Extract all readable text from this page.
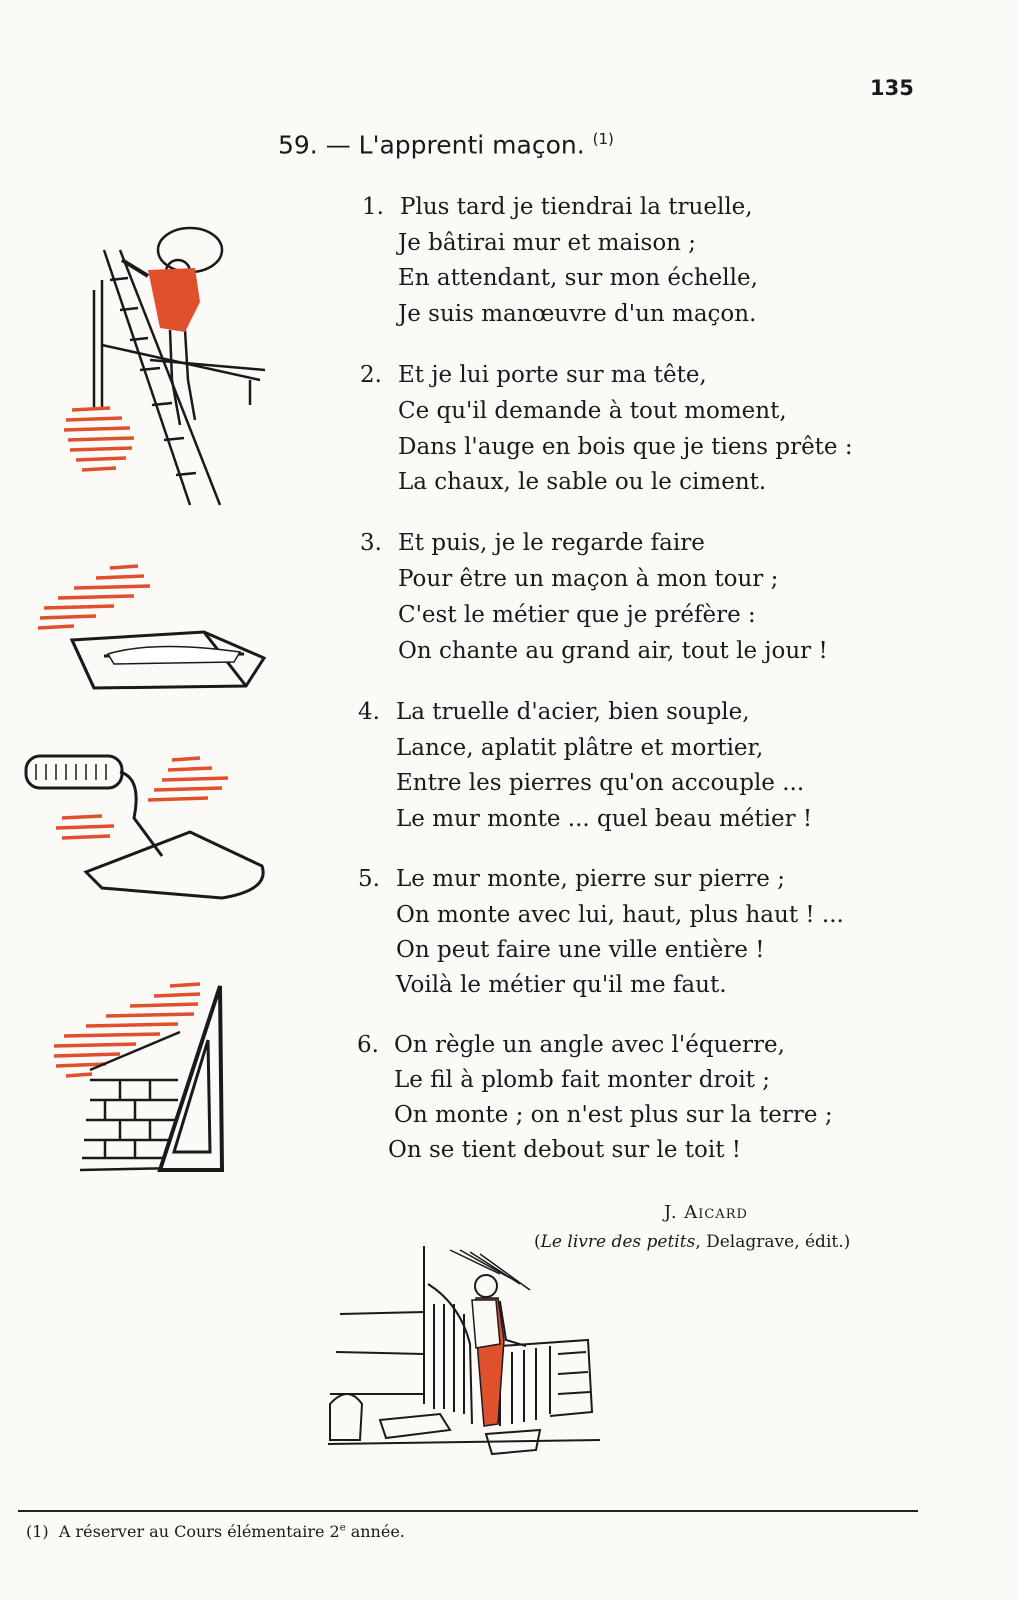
135
59. — L'apprenti maçon. $^{(1)}$
1. Plus tard je tiendrai la truelle,
Je bâtirai mur et maison ;
En attendant, sur mon échelle,
Je suis manœuvre d'un maçon.
2. Et je lui porte sur ma tête,
Ce qu'il demande à tout moment,
Dans l'auge en bois que je tiens prête :
La chaux, le sable ou le ciment.
3. Et puis, je le regarde faire
Pour être un maçon à mon tour ;
C'est le métier que je préfère :
On chante au grand air, tout le jour !
4. La truelle d'acier, bien souple,
Lance, aplatit plâtre et mortier,
Entre les pierres qu'on accouple ...
Le mur monte ... quel beau métier !
5. Le mur monte, pierre sur pierre ;
On monte avec lui, haut, plus haut ! ...
On peut faire une ville entière !
Voilà le métier qu'il me faut.
6. On règle un angle avec l'équerre,
Le fil à plomb fait monter droit ;
On monte ; on n'est plus sur la terre ;
On se tient debout sur le toit !
J. Aicard
(Le livre des petits, Delagrave, édit.)
(1) A réserver au Cours élémentaire 2e année.
